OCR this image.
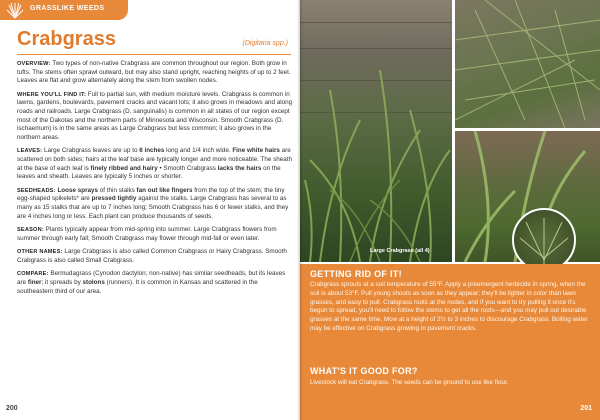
GRASSLIKE WEEDS
Crabgrass	(Digitaria spp.)

OVERVIEW: Two types of non-native Crabgrass are common throughout our region. Both grow in tufts. The stems often sprawl outward, but may also stand upright, reaching heights of up to 2 feet. Leaves are flat and grow alternately along the stem from swollen nodes.

WHERE YOU'LL FIND IT: Full to partial sun, with medium moisture levels. Crabgrass is common in lawns, gardens, boulevards, pavement cracks and vacant lots; it also grows in meadows and along roads and railroads. Large Crabgrass (D. sanguinalis) is common in all states of our region except most of the Dakotas and the northern parts of Minnesota and Wisconsin. Smooth Crabgrass (D. ischaemum) is in the same areas as Large Crabgrass but less common; it also grows in the northern areas.

LEAVES: Large Crabgrass leaves are up to 6 inches long and 1/4 inch wide. Fine white hairs are scattered on both sides; hairs at the leaf base are typically longer and more noticeable. The sheath at the base of each leaf is finely ribbed and hairy • Smooth Crabgrass lacks the hairs on the leaves and sheath. Leaves are typically 5 inches or shorter.

SEEDHEADS: Loose sprays of thin stalks fan out like fingers from the top of the stem; the tiny egg-shaped spikelets* are pressed tightly against the stalks. Large Crabgrass has several to as many as 15 stalks that are up to 7 inches long; Smooth Crabgrass has 6 or fewer stalks, and they are 4 inches long or less. Each plant can produce thousands of seeds.

SEASON: Plants typically appear from mid-spring into summer. Large Crabgrass flowers from summer through early fall; Smooth Crabgrass may flower through mid-fall or even later.

OTHER NAMES: Large Crabgrass is also called Common Crabgrass or Hairy Crabgrass. Smooth Crabgrass is also called Small Crabgrass.

COMPARE: Bermudagrass (Cynodon dactylon; non-native) has similar seedheads, but its leaves are finer; it spreads by stolons (runners). It is common in Kansas and scattered in the southeastern third of our area.

200
Large Crabgrass (all 4)
GETTING RID OF IT!
Crabgrass sprouts at a soil temperature of 55°F. Apply a preemergent herbicide in spring, when the soil is about 53°F. Pull young shoots as soon as they appear; they'll be lighter in color than lawn grasses, and easy to pull. Crabgrass roots at the nodes, and if you want to try pulling it once it's begun to spread, you'll need to follow the stems to get all the roots—and you may pull out desirable grasses at the same time. Mow at a height of 2½ to 3 inches to discourage Crabgrass. Boiling water may be effective on Crabgrass growing in pavement cracks.
WHAT'S IT GOOD FOR?
Livestock will eat Crabgrass. The seeds can be ground to use like flour.
201
